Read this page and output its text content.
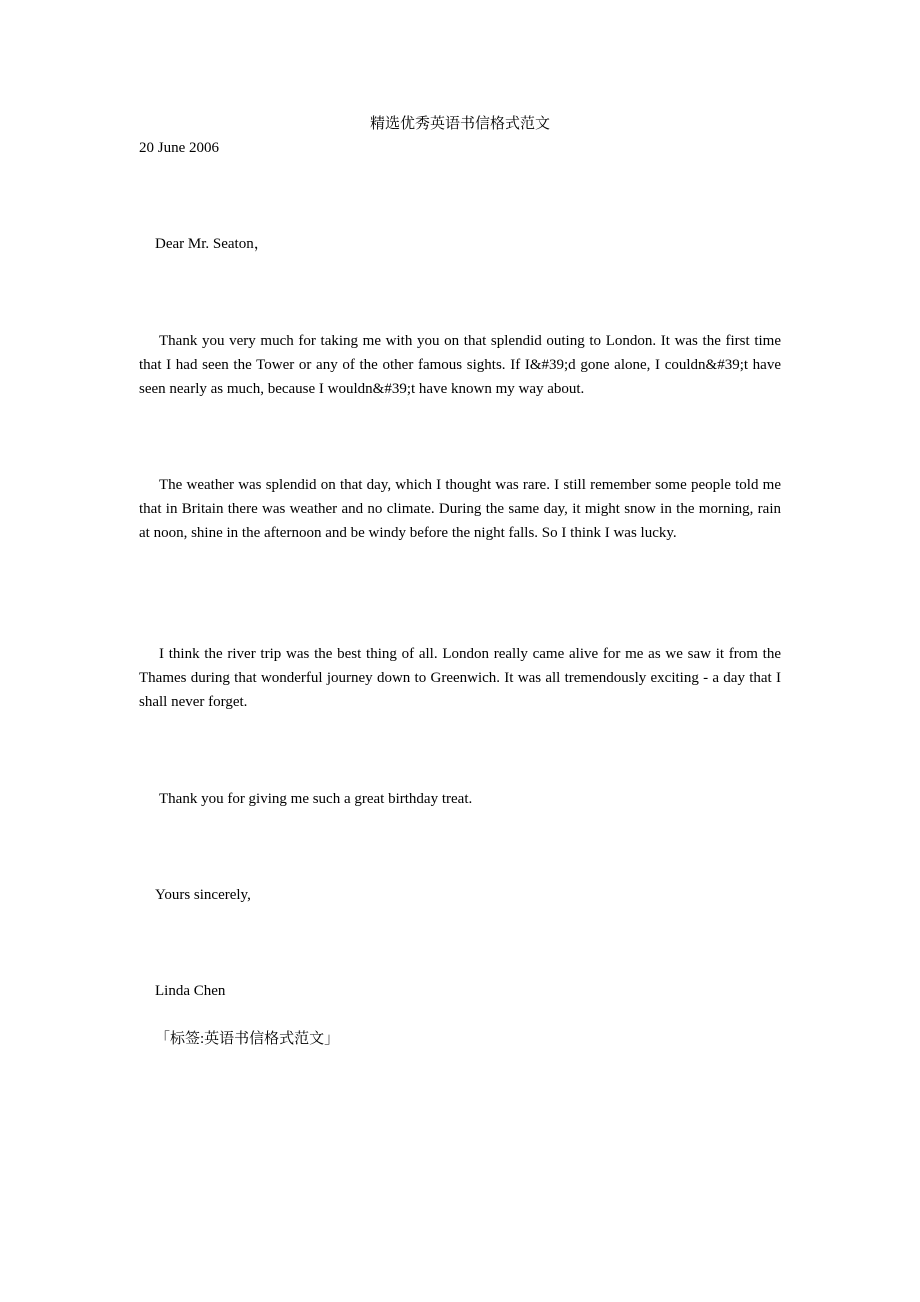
精选优秀英语书信格式范文
20 June 2006
Dear Mr. Seaton，
Thank you very much for taking me with you on that splendid outing to London. It was the first time that I had seen the Tower or any of the other famous sights. If I&#39;d gone alone, I couldn&#39;t have seen nearly as much, because I wouldn&#39;t have known my way about.
The weather was splendid on that day, which I thought was rare. I still remember some people told me that in Britain there was weather and no climate. During the same day, it might snow in the morning, rain at noon, shine in the afternoon and be windy before the night falls. So I think I was lucky.
I think the river trip was the best thing of all. London really came alive for me as we saw it from the Thames during that wonderful journey down to Greenwich. It was all tremendously exciting - a day that I shall never forget.
Thank you for giving me such a great birthday treat.
Yours sincerely,
Linda Chen
「标签:英语书信格式范文」
